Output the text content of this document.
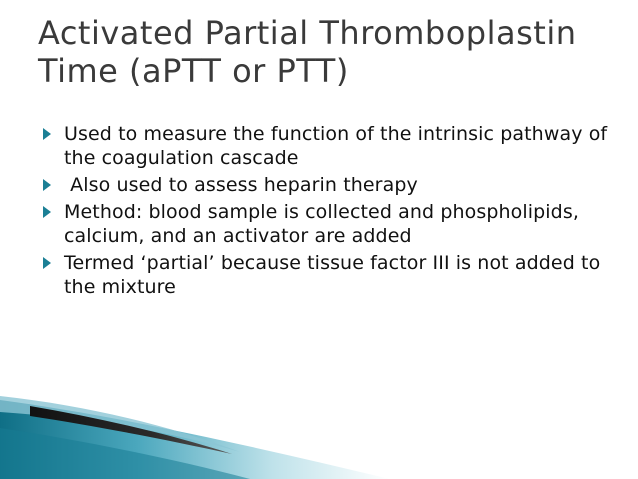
Activated Partial Thromboplastin Time (aPTT or PTT)
Used to measure the function of the intrinsic pathway of the coagulation cascade
Also used to assess heparin therapy
Method: blood sample is collected and phospholipids, calcium, and an activator are added
Termed ‘partial’ because tissue factor III is not added to the mixture
